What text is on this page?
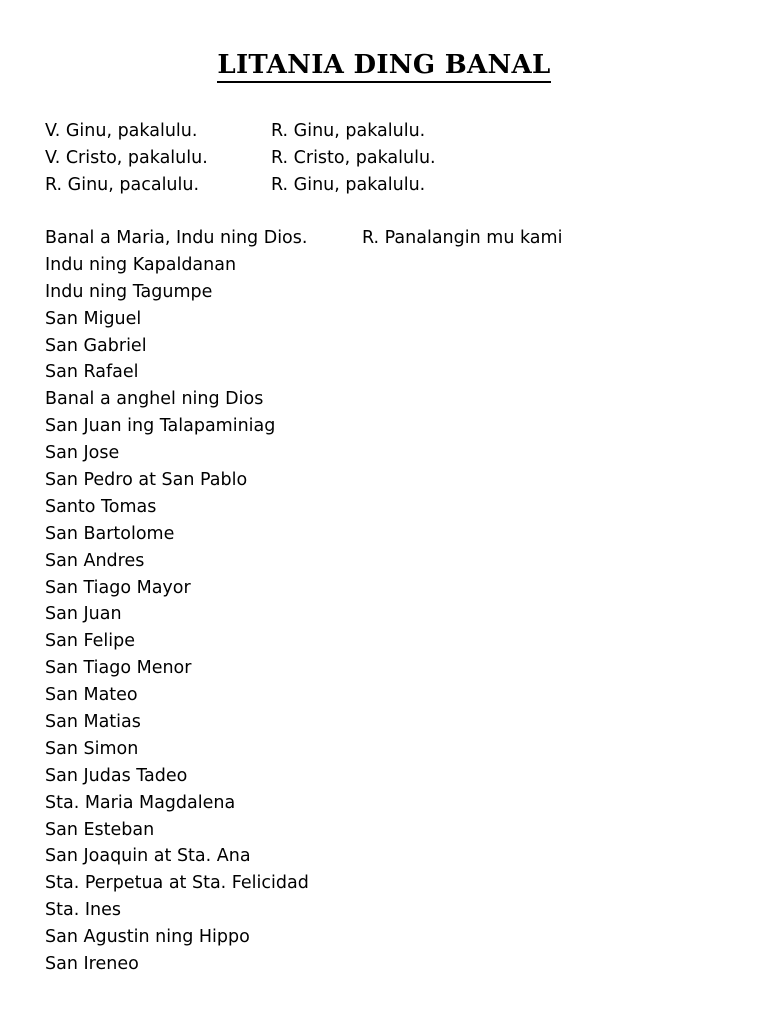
LITANIA DING BANAL
V. Ginu, pakalulu.	R. Ginu, pakalulu.
V. Cristo, pakalulu.	R. Cristo, pakalulu.
R. Ginu, pacalulu.	R. Ginu, pakalulu.
Banal a Maria, Indu ning Dios.	R. Panalangin mu kami
Indu ning Kapaldanan
Indu ning Tagumpe
San Miguel
San Gabriel
San Rafael
Banal a anghel ning Dios
San Juan ing Talapaminiag
San Jose
San Pedro at San Pablo
Santo Tomas
San Bartolome
San Andres
San Tiago Mayor
San Juan
San Felipe
San Tiago Menor
San Mateo
San Matias
San Simon
San Judas Tadeo
Sta. Maria Magdalena
San Esteban
San Joaquin at Sta. Ana
Sta. Perpetua at Sta. Felicidad
Sta. Ines
San Agustin ning Hippo
San Ireneo
